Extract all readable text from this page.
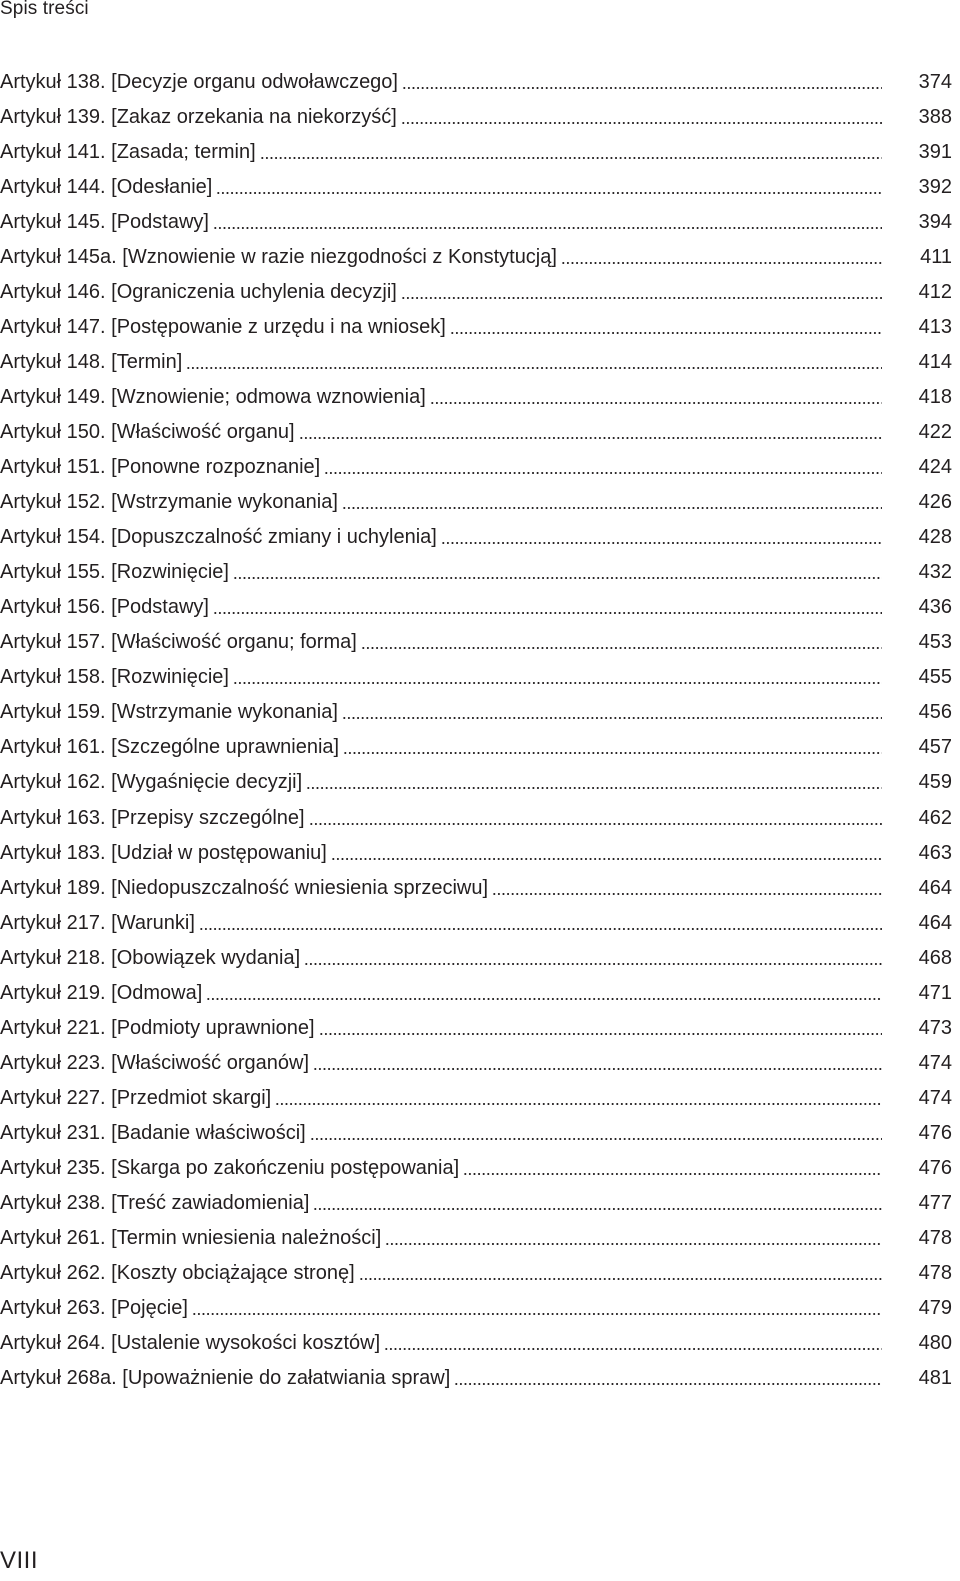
Spis treści
Artykuł 138. [Decyzje organu odwoławczego]	374
Artykuł 139. [Zakaz orzekania na niekorzyść]	388
Artykuł 141. [Zasada; termin]	391
Artykuł 144. [Odesłanie]	392
Artykuł 145. [Podstawy]	394
Artykuł 145a. [Wznowienie w razie niezgodności z Konstytucją]	411
Artykuł 146. [Ograniczenia uchylenia decyzji]	412
Artykuł 147. [Postępowanie z urzędu i na wniosek]	413
Artykuł 148. [Termin]	414
Artykuł 149. [Wznowienie; odmowa wznowienia]	418
Artykuł 150. [Właściwość organu]	422
Artykuł 151. [Ponowne rozpoznanie]	424
Artykuł 152. [Wstrzymanie wykonania]	426
Artykuł 154. [Dopuszczalność zmiany i uchylenia]	428
Artykuł 155. [Rozwinięcie]	432
Artykuł 156. [Podstawy]	436
Artykuł 157. [Właściwość organu; forma]	453
Artykuł 158. [Rozwinięcie]	455
Artykuł 159. [Wstrzymanie wykonania]	456
Artykuł 161. [Szczególne uprawnienia]	457
Artykuł 162. [Wygaśnięcie decyzji]	459
Artykuł 163. [Przepisy szczególne]	462
Artykuł 183. [Udział w postępowaniu]	463
Artykuł 189. [Niedopuszczalność wniesienia sprzeciwu]	464
Artykuł 217. [Warunki]	464
Artykuł 218. [Obowiązek wydania]	468
Artykuł 219. [Odmowa]	471
Artykuł 221. [Podmioty uprawnione]	473
Artykuł 223. [Właściwość organów]	474
Artykuł 227. [Przedmiot skargi]	474
Artykuł 231. [Badanie właściwości]	476
Artykuł 235. [Skarga po zakończeniu postępowania]	476
Artykuł 238. [Treść zawiadomienia]	477
Artykuł 261. [Termin wniesienia należności]	478
Artykuł 262. [Koszty obciążające stronę]	478
Artykuł 263. [Pojęcie]	479
Artykuł 264. [Ustalenie wysokości kosztów]	480
Artykuł 268a. [Upoważnienie do załatwiania spraw]	481
VIII
